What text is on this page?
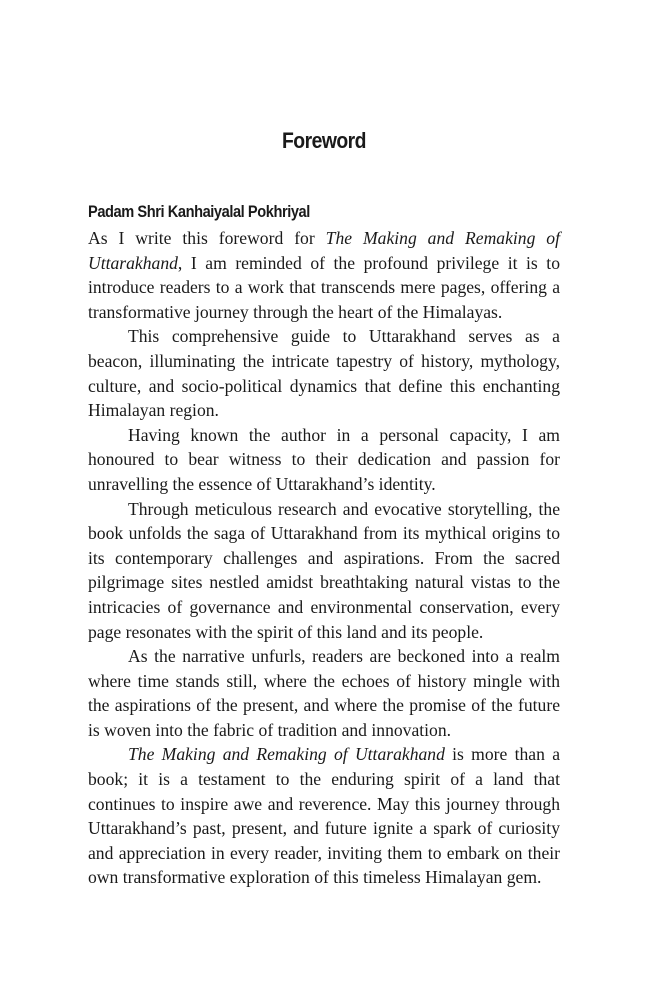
Foreword
Padam Shri Kanhaiyalal Pokhriyal

As I write this foreword for The Making and Remaking of Uttarakhand, I am reminded of the profound privilege it is to introduce readers to a work that transcends mere pages, offering a transformative journey through the heart of the Himalayas.

This comprehensive guide to Uttarakhand serves as a beacon, illuminating the intricate tapestry of history, mythology, culture, and socio-political dynamics that define this enchanting Himalayan region.

Having known the author in a personal capacity, I am honoured to bear witness to their dedication and passion for unravelling the essence of Uttarakhand’s identity.

Through meticulous research and evocative storytelling, the book unfolds the saga of Uttarakhand from its mythical origins to its contemporary challenges and aspirations. From the sacred pilgrimage sites nestled amidst breathtaking natural vistas to the intricacies of governance and environmental conservation, every page resonates with the spirit of this land and its people.

As the narrative unfurls, readers are beckoned into a realm where time stands still, where the echoes of history mingle with the aspirations of the present, and where the promise of the future is woven into the fabric of tradition and innovation.

The Making and Remaking of Uttarakhand is more than a book; it is a testament to the enduring spirit of a land that continues to inspire awe and reverence. May this journey through Uttarakhand’s past, present, and future ignite a spark of curiosity and appreciation in every reader, inviting them to embark on their own transformative exploration of this timeless Himalayan gem.
